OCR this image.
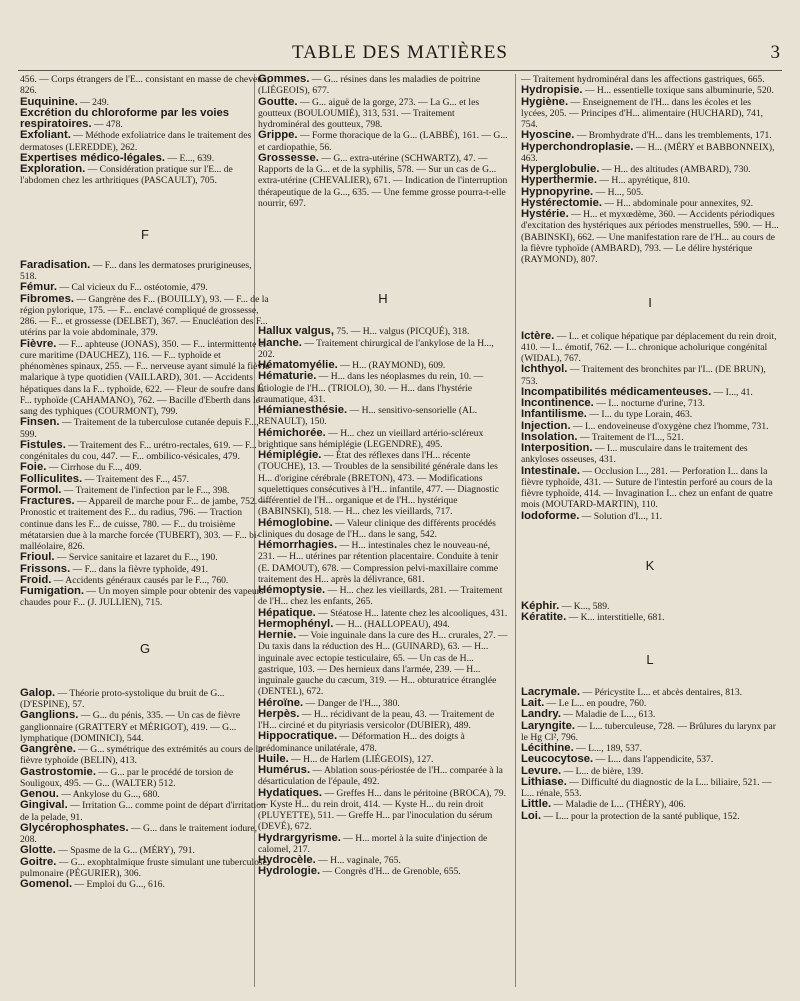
TABLE DES MATIÈRES	3
456. — Corps étrangers de l'E... consistant en masse de cheveux, 826.
Euquinine. — 249.
Excrétion du chloroforme par les voies respiratoires. — 478.
Exfoliant. — Méthode exfoliatrice dans le traitement des dermatoses (LEREDDE), 262.
Expertises médico-légales. — E..., 639.
Exploration. — Considération pratique sur l'E... de l'abdomen chez les arthritiques (PASCAULT), 705.
F
Faradisation. — F... dans les dermatoses prurigineuses, 518.
Fémur. — Cal vicieux du F... ostéotomie, 479.
Fibromes. — Gangrène des F... (BOUILLY), 93. — F... de la région pylorique, 175. — F... enclavé compliqué de grossesse, 286. — F... et grossesse (DELBET), 367. — Enucléation des F... utérins par la voie abdominale, 379.
Fièvre. — F... aphteuse (JONAS), 350. — F... intermittente et cure maritime (DAUCHEZ), 116. — F... typhoïde et phénomènes spinaux, 255. — F... nerveuse ayant simulé la fièvre malarique à type quotidien (VAILLARD), 301. — Accidents hépatiques dans la F... typhoïde, 622. — Fleur de soufre dans la F... typhoïde (CAHAMANO), 762. — Bacille d'Eberth dans le sang des typhiques (COURMONT), 799.
Finsen. — Traitement de la tuberculose cutanée depuis F..., 599.
Fistules. — Traitement des F... urétro-rectales, 619. — F... congénitales du cou, 447. — F... ombilico-vésicales, 479.
Foie. — Cirrhose du F..., 409.
Folliculites. — Traitement des F..., 457.
Formol. — Traitement de l'infection par le F..., 398.
Fractures. — Appareil de marche pour F... de jambe, 752. — Pronostic et traitement des F... du radius, 796. — Traction continue dans les F... de cuisse, 780. — F... du troisième métatarsien due à la marche forcée (TUBERT), 303. — F... bi-malléolaire, 826.
Frioul. — Service sanitaire et lazaret du F..., 190.
Frissons. — F... dans la fièvre typhoïde, 491.
Froid. — Accidents généraux causés par le F..., 760.
Fumigation. — Un moyen simple pour obtenir des vapeurs chaudes pour F... (J. JULLIEN), 715.
G
Galop. — Théorie proto-systolique du bruit de G... (D'ESPINE), 57.
Ganglions. — G... du pénis, 335. — Un cas de fièvre ganglionnaire (GRATTERY et MÉRIGOT), 419. — G... lymphatique (DOMINICI), 544.
Gangrène. — G... symétrique des extrémités au cours de la fièvre typhoïde (BELIN), 413.
Gastrostomie. — G... par le procédé de torsion de Souligoux, 495. — G... (WALTER) 512.
Genou. — Ankylose du G..., 680.
Gingival. — Irritation G... comme point de départ d'irritation de la pelade, 91.
Glycérophosphates. — G... dans le traitement iodure, 208.
Glotte. — Spasme de la G... (MÉRY), 791.
Goitre. — G... exophtalmique fruste simulant une tuberculose pulmonaire (PÉGURIER), 306.
Gomenol. — Emploi du G..., 616.
Gommes. — G... résines dans les maladies de poitrine (LIÉGEOIS), 677.
Goutte. — G... aiguë de la gorge, 273. — La G... et les goutteux (BOULOUMIÉ), 313, 531. — Traitement hydrominéral des goutteux, 798.
Grippe. — Forme thoracique de la G... (LABBÉ), 161. — G... et cardiopathie, 56.
Grossesse. — G... extra-utérine (SCHWARTZ), 47. — Rapports de la G... et de la syphilis, 578. — Sur un cas de G... extra-utérine (CHEVALIER), 671. — Indication de l'interruption thérapeutique de la G..., 635. — Une femme grosse pourra-t-elle nourrir, 697.
H
Hallux valgus, 75. — H... valgus (PICQUÉ), 318.
Hanche. — Traitement chirurgical de l'ankylose de la H..., 202.
Hématomyélie. — H... (RAYMOND), 609.
Hématurie. — H... dans les néoplasmes du rein, 10. — Étiologie de l'H... (TRIOLO), 30. — H... dans l'hystérie traumatique, 431.
Hémianesthésie. — H... sensitivo-sensorielle (AL. RENAULT), 150.
Hémichorée. — H... chez un vieillard artério-scléreux brightique sans hémiplégie (LEGENDRE), 495.
Hémiplégie. — État des réflexes dans l'H... récente (TOUCHE), 13. — Troubles de la sensibilité générale dans les H... d'origine cérébrale (BRETON), 473. — Modifications squelettiques consécutives à l'H... infantile, 477. — Diagnostic différentiel de l'H... organique et de l'H... hystérique (BABINSKI), 518. — H... chez les vieillards, 717.
Hémoglobine. — Valeur clinique des différents procédés cliniques du dosage de l'H... dans le sang, 542.
Hémorrhagies. — H... intestinales chez le nouveau-né, 231. — H... utérines par rétention placentaire. Conduite à tenir (E. DAMOUT), 678. — Compression pelvi-maxillaire comme traitement des H... après la délivrance, 681.
Hémoptysie. — H... chez les vieillards, 281. — Traitement de l'H... chez les enfants, 265.
Hépatique. — Stéatose H... latente chez les alcooliques, 431.
Hermophényl. — H... (HALLOPEAU), 494.
Hernie. — Voie inguinale dans la cure des H... crurales, 27. — Du taxis dans la réduction des H... (GUINARD), 63. — H... inguinale avec ectopie testiculaire, 65. — Un cas de H... gastrique, 103. — Des hernieux dans l'armée, 239. — H... inguinale gauche du cæcum, 319. — H... obturatrice étranglée (DENTEL), 672.
Héroïne. — Danger de l'H..., 380.
Herpès. — H... récidivant de la peau, 43. — Traitement de l'H... circiné et du pityriasis versicolor (DUBIER), 489.
Hippocratique. — Déformation H... des doigts à prédominance unilatérale, 478.
Huile. — H... de Harlem (LIÉGEOIS), 127.
Humérus. — Ablation sous-périostée de l'H... comparée à la désarticulation de l'épaule, 492.
Hydatiques. — Greffes H... dans le péritoine (BROCA), 79. — Kyste H... du rein droit, 414. — Kyste H... du rein droit (PLUYETTE), 511. — Greffe H... par l'inoculation du sérum (DEVÉ), 672.
Hydrargyrisme. — H... mortel à la suite d'injection de calomel, 217.
Hydrocèle. — H... vaginale, 765.
Hydrologie. — Congrès d'H... de Grenoble, 655.
— Traitement hydrominéral dans les affections gastriques, 665.
Hydropisie. — H... essentielle toxique sans albuminurie, 520.
Hygiène. — Enseignement de l'H... dans les écoles et les lycées, 205. — Principes d'H... alimentaire (HUCHARD), 741, 754.
Hyoscine. — Bromhydrate d'H... dans les tremblements, 171.
Hyperchondroplasie. — H... (MÉRY et BABBONNEIX), 463.
Hyperglobulie. — H... des altitudes (AMBARD), 730.
Hyperthermie. — H... apyrétique, 810.
Hypnopyrine. — H..., 505.
Hystérectomie. — H... abdominale pour annexites, 92.
Hystérie. — H... et myxœdème, 360. — Accidents périodiques d'excitation des hystériques aux périodes menstruelles, 590. — H... (BABINSKI), 662. — Une manifestation rare de l'H... au cours de la fièvre typhoïde (AMBARD), 793. — Le délire hystérique (RAYMOND), 807.
I
Ictère. — I... et colique hépatique par déplacement du rein droit, 410. — I... émotif, 762. — I... chronique acholurique congénital (WIDAL), 767.
Ichthyol. — Traitement des bronchites par l'I... (DE BRUN), 753.
Incompatibilités médicamenteuses. — I..., 41.
Incontinence. — I... nocturne d'urine, 713.
Infantilisme. — I... du type Lorain, 463.
Injection. — I... endoveineuse d'oxygène chez l'homme, 731.
Insolation. — Traitement de l'I..., 521.
Interposition. — I... musculaire dans le traitement des ankyloses osseuses, 431.
Intestinale. — Occlusion I..., 281. — Perforation I... dans la fièvre typhoïde, 431. — Suture de l'intestin perforé au cours de la fièvre typhoïde, 414. — Invagination I... chez un enfant de quatre mois (MOUTARD-MARTIN), 110.
Iodoforme. — Solution d'I..., 11.
K
Képhir. — K..., 589.
Kératite. — K... interstitielle, 681.
L
Lacrymale. — Péricystite L... et abcès dentaires, 813.
Lait. — Le L... en poudre, 760.
Landry. — Maladie de L..., 613.
Laryngite. — L... tuberculeuse, 728. — Brûlures du larynx par le Hg Cl², 796.
Lécithine. — L..., 189, 537.
Leucocytose. — L... dans l'appendicite, 537.
Levure. — L... de bière, 139.
Lithiase. — Difficulté du diagnostic de la L... biliaire, 521. — L... rénale, 553.
Little. — Maladie de L... (THÉRY), 406.
Loi. — L... pour la protection de la santé publique, 152.
